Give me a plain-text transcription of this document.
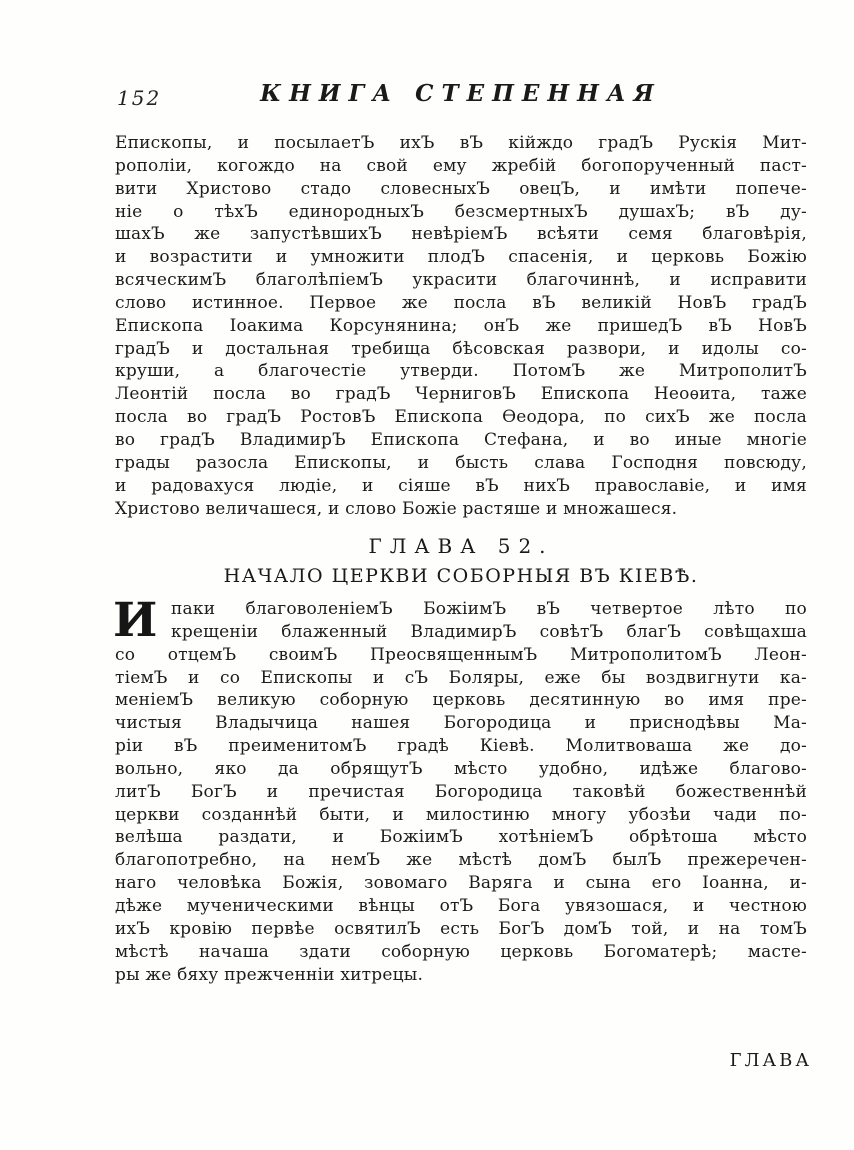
152	КНИГА СТЕПЕННАЯ
Епископы, и посылаетЪ ихЪ вЪ кійждо градЪ Рускія Мит-
рополіи, когождо на свой ему жребій богопорученный паст-
вити Христово стадо словесныхЪ овецЪ, и имѣти попече-
ніе о тѣхЪ единородныхЪ безсмертныхЪ душахЪ; вЪ ду-
шахЪ же запустѣвшихЪ невѣріемЪ всѣяти семя благовѣрія,
и возрастити и умножити плодЪ спасенія, и церковь Божію
всяческимЪ благолѣпіемЪ украсити благочиннѣ, и исправити
слово истинное. Первое же посла вЪ великій НовЪ градЪ
Епископа Іоакима Корсунянина; онЪ же пришедЪ вЪ НовЪ
градЪ и достальная требища бѣсовская развори, и идолы со-
круши, а благочестіе утверди. ПотомЪ же МитрополитЪ
Леонтій посла во градЪ ЧерниговЪ Епископа Неоѳита, таже
посла во градЪ РостовЪ Епископа Ѳеодора, по сихЪ же посла
во градЪ ВладимирЪ Епископа Стефана, и во иные многіе
грады разосла Епископы, и бысть слава Господня повсюду,
и радовахуся людіе, и сіяше вЪ нихЪ православіе, и имя
Христово величашеся, и слово Божіе растяше и множашеся.
ГЛАВА 52.
НАЧАЛО ЦЕРКВИ СОБОРНЫЯ ВЪ КІЕВѢ.
И паки благоволеніемЪ БожіимЪ вЪ четвертое лѣто по
крещеніи блаженный ВладимирЪ совѣтЪ благЪ совѣщахша
со отцемЪ своимЪ ПреосвященнымЪ МитрополитомЪ Леон-
тіемЪ и со Епископы и сЪ Боляры, еже бы воздвигнути ка-
меніемЪ великую соборную церковь десятинную во имя пре-
чистыя Владычица нашея Богородица и приснодѣвы Ма-
ріи вЪ преименитомЪ градѣ Кіевѣ. Молитвоваша же до-
вольно, яко да обрящутЪ мѣсто удобно, идѣже благово-
литЪ БогЪ и пречистая Богородица таковѣй божественнѣй
церкви созданнѣй быти, и милостиню многу убозѣи чади по-
велѣша раздати, и БожіимЪ хотѣніемЪ обрѣтоша мѣсто
благопотребно, на немЪ же мѣстѣ домЪ былЪ прежеречен-
наго человѣка Божія, зовомаго Варяга и сына его Іоанна, и-
дѣже мученическими вѣнцы отЪ Бога увязошася, и честною
ихЪ кровію первѣе освятилЪ есть БогЪ домЪ той, и на томЪ
мѣстѣ начаша здати соборную церковь Богоматерѣ; масте-
ры же бяху прежченніи хитрецы.
ГЛАВА
